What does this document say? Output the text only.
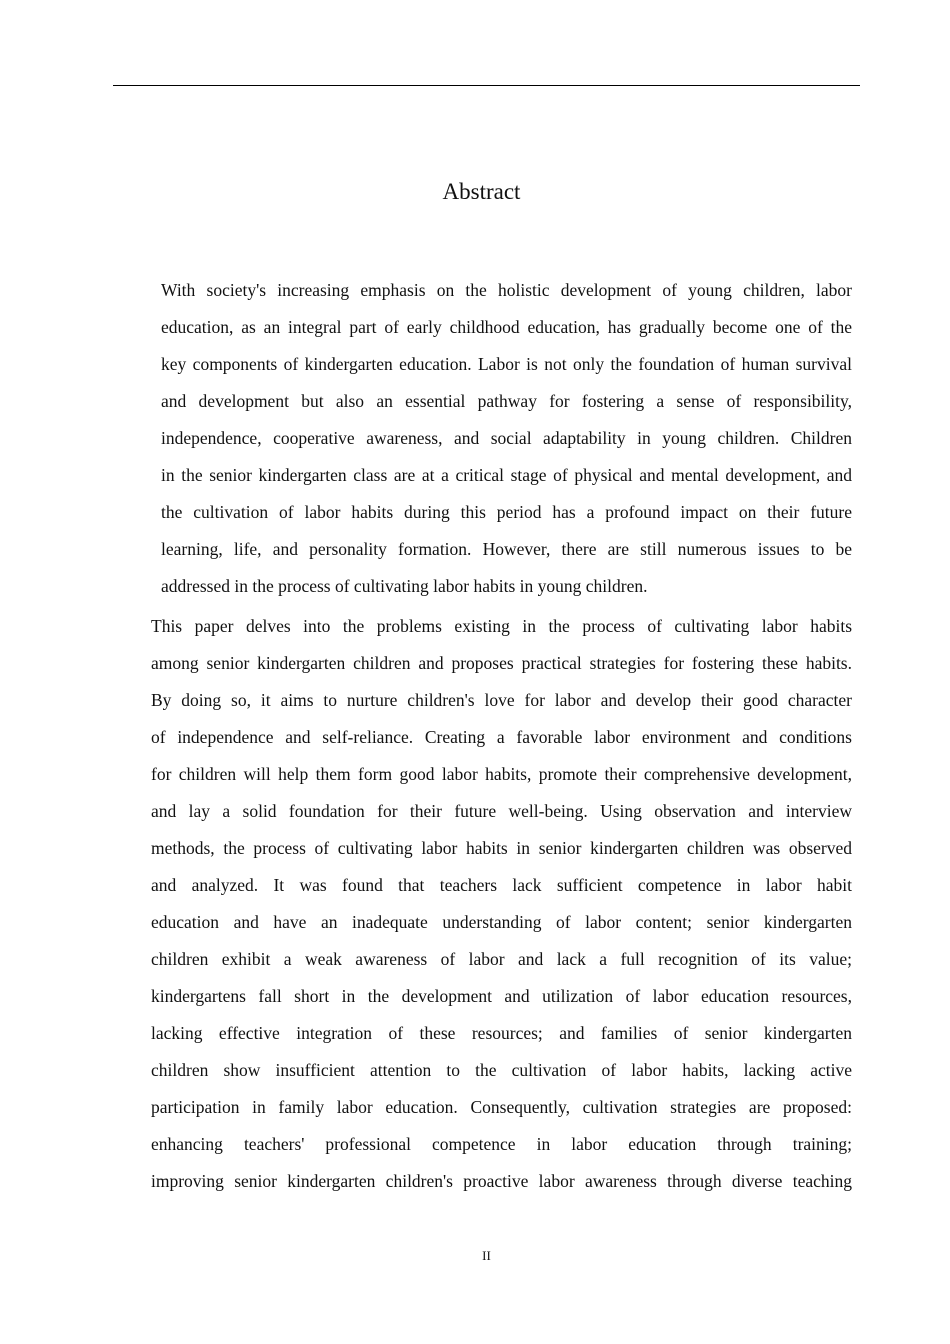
Abstract
With society's increasing emphasis on the holistic development of young children, labor
education, as an integral part of early childhood education, has gradually become one of the
key components of kindergarten education. Labor is not only the foundation of human survival
and development but also an essential pathway for fostering a sense of responsibility,
independence, cooperative awareness, and social adaptability in young children. Children
in the senior kindergarten class are at a critical stage of physical and mental development, and
the cultivation of labor habits during this period has a profound impact on their future
learning, life, and personality formation. However, there are still numerous issues to be
addressed in the process of cultivating labor habits in young children.
This paper delves into the problems existing in the process of cultivating labor habits
among senior kindergarten children and proposes practical strategies for fostering these habits.
By doing so, it aims to nurture children's love for labor and develop their good character
of independence and self-reliance. Creating a favorable labor environment and conditions
for children will help them form good labor habits, promote their comprehensive development,
and lay a solid foundation for their future well-being. Using observation and interview
methods, the process of cultivating labor habits in senior kindergarten children was observed
and analyzed. It was found that teachers lack sufficient competence in labor habit
education and have an inadequate understanding of labor content; senior kindergarten
children exhibit a weak awareness of labor and lack a full recognition of its value;
kindergartens fall short in the development and utilization of labor education resources,
lacking effective integration of these resources; and families of senior kindergarten
children show insufficient attention to the cultivation of labor habits, lacking active
participation in family labor education. Consequently, cultivation strategies are proposed:
enhancing teachers' professional competence in labor education through training;
improving senior kindergarten children's proactive labor awareness through diverse teaching
II
